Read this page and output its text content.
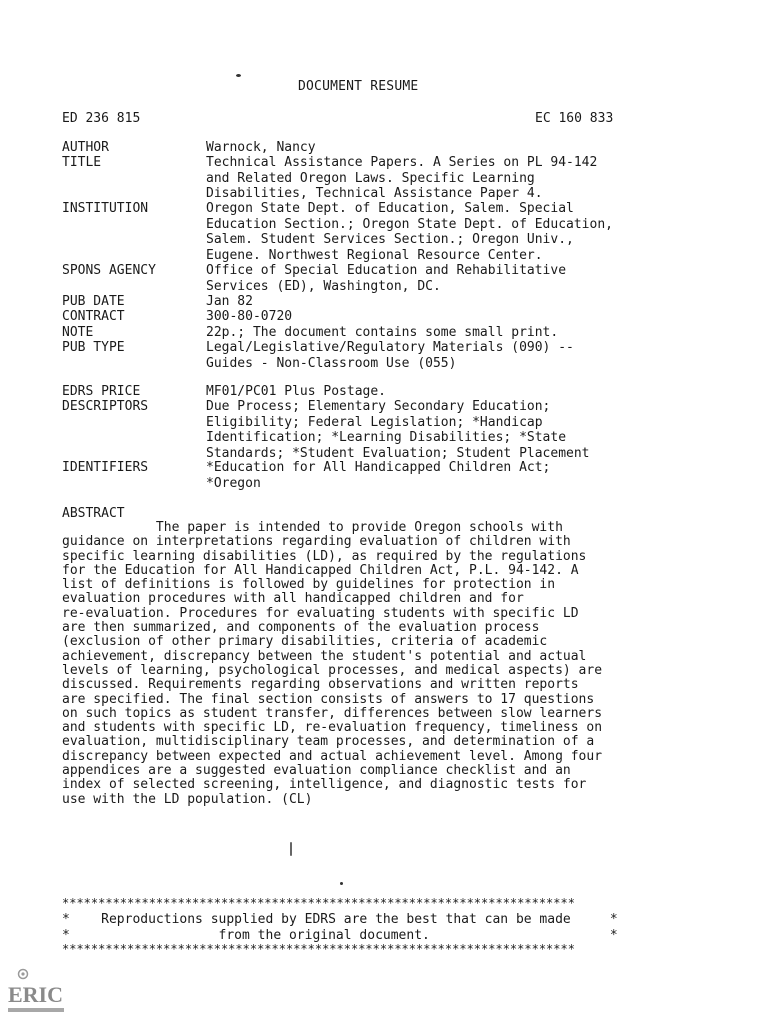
DOCUMENT RESUME
ED 236 815	EC 160 833
AUTHOR	Warnock, Nancy
TITLE	Technical Assistance Papers. A Series on PL 94-142
and Related Oregon Laws. Specific Learning
Disabilities, Technical Assistance Paper 4.
INSTITUTION	Oregon State Dept. of Education, Salem. Special
Education Section.; Oregon State Dept. of Education,
Salem. Student Services Section.; Oregon Univ.,
Eugene. Northwest Regional Resource Center.
SPONS AGENCY	Office of Special Education and Rehabilitative
Services (ED), Washington, DC.
PUB DATE	Jan 82
CONTRACT	300-80-0720
NOTE	22p.; The document contains some small print.
PUB TYPE	Legal/Legislative/Regulatory Materials (090) --
Guides - Non-Classroom Use (055)
EDRS PRICE	MF01/PC01 Plus Postage.
DESCRIPTORS	Due Process; Elementary Secondary Education;
Eligibility; Federal Legislation; *Handicap
Identification; *Learning Disabilities; *State
Standards; *Student Evaluation; Student Placement
IDENTIFIERS	*Education for All Handicapped Children Act;
*Oregon
ABSTRACT
The paper is intended to provide Oregon schools with
guidance on interpretations regarding evaluation of children with
specific learning disabilities (LD), as required by the regulations
for the Education for All Handicapped Children Act, P.L. 94-142. A
list of definitions is followed by guidelines for protection in
evaluation procedures with all handicapped children and for
re-evaluation. Procedures for evaluating students with specific LD
are then summarized, and components of the evaluation process
(exclusion of other primary disabilities, criteria of academic
achievement, discrepancy between the student's potential and actual
levels of learning, psychological processes, and medical aspects) are
discussed. Requirements regarding observations and written reports
are specified. The final section consists of answers to 17 questions
on such topics as student transfer, differences between slow learners
and students with specific LD, re-evaluation frequency, timeliness on
evaluation, multidisciplinary team processes, and determination of a
discrepancy between expected and actual achievement level. Among four
appendices are a suggested evaluation compliance checklist and an
index of selected screening, intelligence, and diagnostic tests for
use with the LD population. (CL)
***********************************************************************
*    Reproductions supplied by EDRS are the best that can be made     *
*                   from the original document.                       *
***********************************************************************
ERIC
